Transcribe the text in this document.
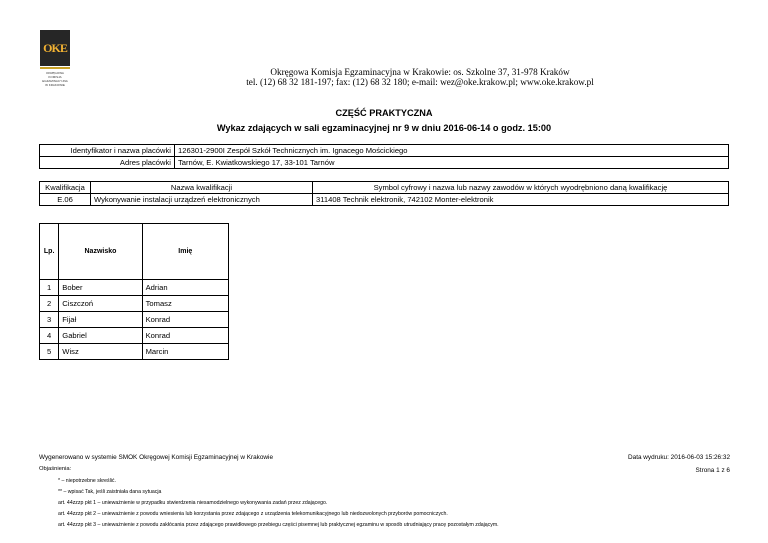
OKE
OKRĘGOWA
KOMISJA
EGZAMINACYJNA
W KRAKOWIE
Okręgowa Komisja Egzaminacyjna w Krakowie: os. Szkolne 37, 31-978 Kraków
tel. (12) 68 32 181-197; fax: (12) 68 32 180; e-mail: wez@oke.krakow.pl; www.oke.krakow.pl
CZĘŚĆ PRAKTYCZNA
Wykaz zdających w sali egzaminacyjnej nr 9 w dniu 2016-06-14 o godz. 15:00
Identyfikator i nazwa placówki	126301-2900I Zespół Szkół Technicznych im. Ignacego Mościckiego
Adres placówki	Tarnów, E. Kwiatkowskiego 17, 33-101 Tarnów
Kwalifikacja	Nazwa kwalifikacji	Symbol cyfrowy i nazwa lub nazwy zawodów w których wyodrębniono daną kwalifikację
E.06	Wykonywanie instalacji urządzeń elektronicznych	311408 Technik elektronik, 742102 Monter-elektronik
Lp.	Nazwisko	Imię
1	Bober	Adrian
2	Ciszczoń	Tomasz
3	Fijał	Konrad
4	Gabriel	Konrad
5	Wisz	Marcin
Wygenerowano w systemie SMOK Okręgowej Komisji Egzaminacyjnej w Krakowie	Data wydruku: 2016-06-03 15:26:32
Strona 1 z 6
Objaśnienia:
* – niepotrzebne skreślić.
** – wpisać Tak, jeśli zaistniała dana sytuacja
art. 44zzzp pkt 1 – unieważnienie w przypadku stwierdzenia niesamodzielnego wykonywania zadań przez zdającego.
art. 44zzzp pkt 2 – unieważnienie z powodu wniesienia lub korzystania przez zdającego z urządzenia telekomunikacyjnego lub niedozwolonych przyborów pomocniczych.
art. 44zzzp pkt 3 – unieważnienie z powodu zakłócania przez zdającego prawidłowego przebiegu części pisemnej lub praktycznej egzaminu w sposób utrudniający pracę pozostałym zdającym.
